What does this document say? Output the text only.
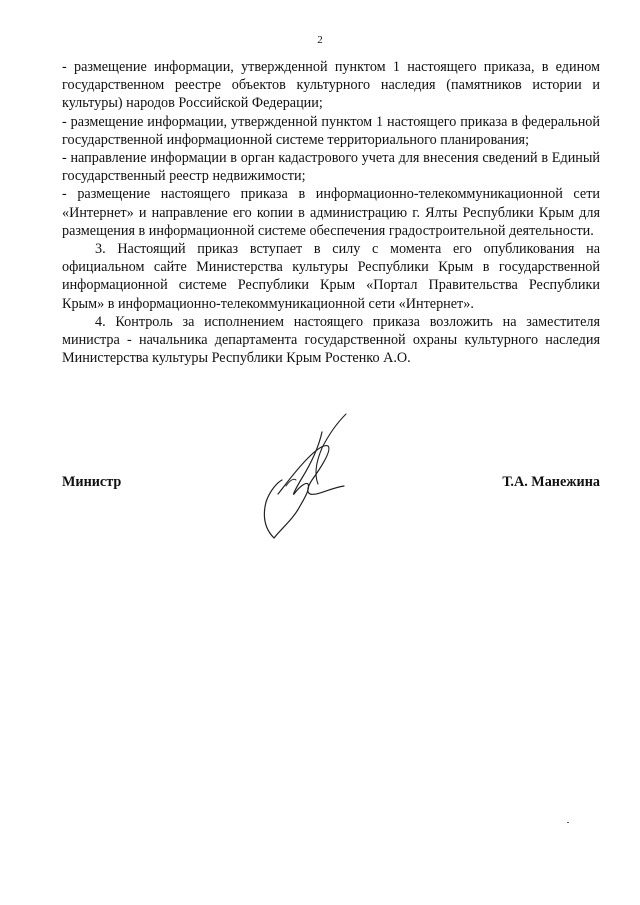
2

- размещение информации, утвержденной пунктом 1 настоящего приказа, в едином государственном реестре объектов культурного наследия (памятников истории и культуры) народов Российской Федерации;

- размещение информации, утвержденной пунктом 1 настоящего приказа в федеральной государственной информационной системе территориального планирования;

- направление информации в орган кадастрового учета для внесения сведений в Единый государственный реестр недвижимости;

- размещение настоящего приказа в информационно-телекоммуникационной сети «Интернет» и направление его копии в администрацию г. Ялты Республики Крым для размещения в информационной системе обеспечения градостроительной деятельности.

3. Настоящий приказ вступает в силу с момента его опубликования на официальном сайте Министерства культуры Республики Крым в государственной информационной системе Республики Крым «Портал Правительства Республики Крым» в информационно-телекоммуникационной сети «Интернет».

4. Контроль за исполнением настоящего приказа возложить на заместителя министра - начальника департамента государственной охраны культурного наследия Министерства культуры Республики Крым Ростенко А.О.

Министр	Т.А. Манежина
